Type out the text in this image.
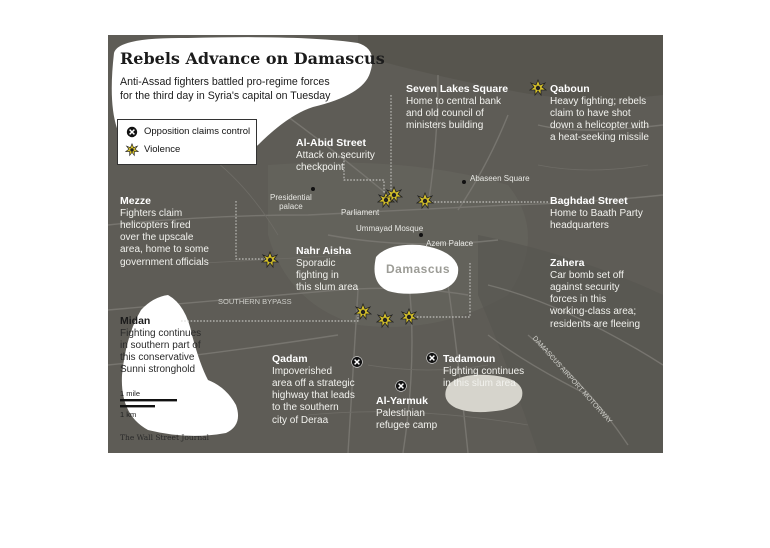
Rebels Advance on Damascus
Anti-Assad fighters battled pro-regime forces
for the third day in Syria's capital on Tuesday
Opposition claims control
Violence
Seven Lakes Square
Home to central bank
and old council of
ministers building
Qaboun
Heavy fighting; rebels
claim to have shot
down a helicopter with
a heat-seeking missile
Al-Abid Street
Attack on security
checkpoint
Mezze
Fighters claim
helicopters fired
over the upscale
area, home to some
government officials
Baghdad Street
Home to Baath Party
headquarters
Nahr Aisha
Sporadic
fighting in
this slum area
Zahera
Car bomb set off
against security
forces in this
working-class area;
residents are fleeing
Midan
Fighting continues
in southern part of
this conservative
Sunni stronghold
Qadam
Impoverished
area off a strategic
highway that leads
to the southern
city of Deraa
Tadamoun
Fighting continues
in this slum area
Al-Yarmuk
Palestinian
refugee camp
Abaseen Square
Presidential
palace
Parliament
Ummayad Mosque
Azem Palace
Damascus
SOUTHERN BYPASS
DAMASCUS AIRPORT MOTORWAY
1 mile
1 km
The Wall Street Journal
